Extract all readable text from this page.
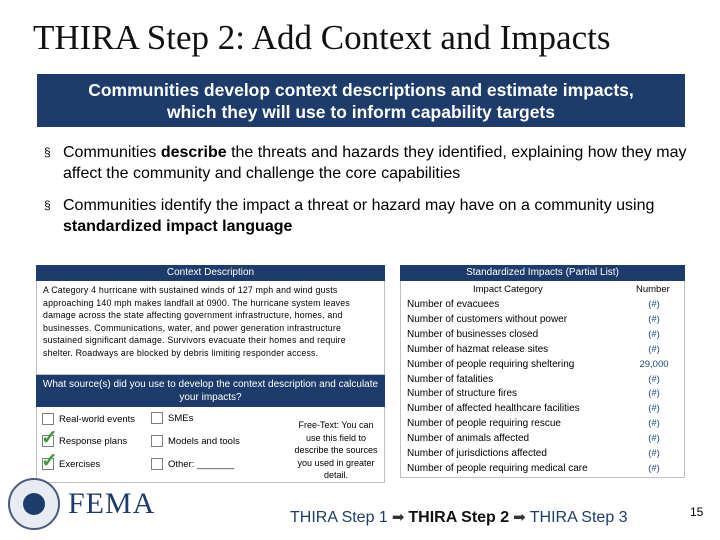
THIRA Step 2: Add Context and Impacts
Communities develop context descriptions and estimate impacts,
which they will use to inform capability targets
§ Communities describe the threats and hazards they identified, explaining how they may affect the community and challenge the core capabilities
§ Communities identify the impact a threat or hazard may have on a community using standardized impact language
Context Description
A Category 4 hurricane with sustained winds of 127 mph and wind gusts approaching 140 mph makes landfall at 0900. The hurricane system leaves damage across the state affecting government infrastructure, homes, and businesses. Communications, water, and power generation infrastructure sustained significant damage. Survivors evacuate their homes and require shelter. Roadways are blocked by debris limiting responder access.
What source(s) did you use to develop the context description and calculate your impacts?
Real-world events
✓ Response plans
✓ Exercises
SMEs
Models and tools
Other: _______
Free-Text: You can use this field to describe the sources you used in greater detail.
Standardized Impacts (Partial List)
Impact Category	Number
Number of evacuees	(#)
Number of customers without power	(#)
Number of businesses closed	(#)
Number of hazmat release sites	(#)
Number of people requiring sheltering	29,000
Number of fatalities	(#)
Number of structure fires	(#)
Number of affected healthcare facilities	(#)
Number of people requiring rescue	(#)
Number of animals affected	(#)
Number of jurisdictions affected	(#)
Number of people requiring medical care	(#)
FEMA	THIRA Step 1 ➡ THIRA Step 2 ➡ THIRA Step 3	15
